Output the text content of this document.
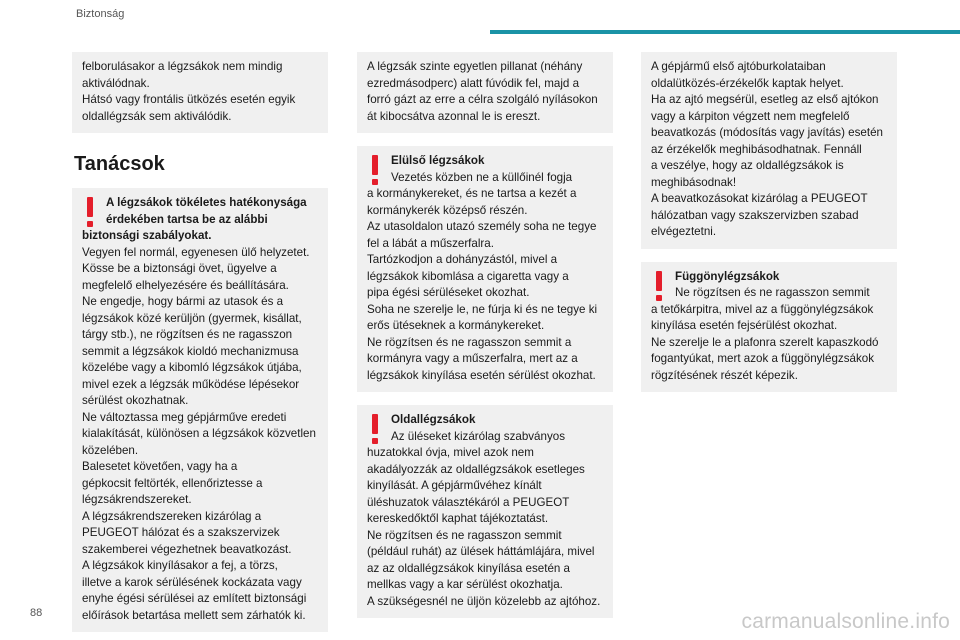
Biztonság

felborulásakor a légzsákok nem mindig

aktiválódnak.

Hátsó vagy frontális ütközés esetén egyik

oldallégzsák sem aktiválódik.

Tanácsok

A légzsákok tökéletes hatékonysága

érdekében tartsa be az alábbi

biztonsági szabályokat.

Vegyen fel normál, egyenesen ülő helyzetet.

Kösse be a biztonsági övet, ügyelve a

megfelelő elhelyezésére és beállítására.

Ne engedje, hogy bármi az utasok és a

légzsákok közé kerüljön (gyermek, kisállat,

tárgy stb.), ne rögzítsen és ne ragasszon

semmit a légzsákok kioldó mechanizmusa

közelébe vagy a kibomló légzsákok útjába,

mivel ezek a légzsák működése lépésekor

sérülést okozhatnak.

Ne változtassa meg gépjárműve eredeti

kialakítását, különösen a légzsákok közvetlen

közelében.

Balesetet követően, vagy ha a

gépkocsit feltörték, ellenőriztesse a

légzsákrendszereket.

A légzsákrendszereken kizárólag a

PEUGEOT hálózat és a szakszervizek

szakemberei végezhetnek beavatkozást.

A légzsákok kinyílásakor a fej, a törzs,

illetve a karok sérülésének kockázata vagy

enyhe égési sérülései az említett biztonsági

előírások betartása mellett sem zárhatók ki.

A légzsák szinte egyetlen pillanat (néhány

ezredmásodperc) alatt fúvódik fel, majd a

forró gázt az erre a célra szolgáló nyílásokon

át kibocsátva azonnal le is ereszt.

Elülső légzsákok

Vezetés közben ne a küllőinél fogja

a kormánykereket, és ne tartsa a kezét a

kormánykerék középső részén.

Az utasoldalon utazó személy soha ne tegye

fel a lábát a műszerfalra.

Tartózkodjon a dohányzástól, mivel a

légzsákok kibomlása a cigaretta vagy a

pipa égési sérüléseket okozhat.

Soha ne szerelje le, ne fúrja ki és ne tegye ki

erős ütéseknek a kormánykereket.

Ne rögzítsen és ne ragasszon semmit a

kormányra vagy a műszerfalra, mert az a

légzsákok kinyílása esetén sérülést okozhat.

Oldallégzsákok

Az üléseket kizárólag szabványos

huzatokkal óvja, mivel azok nem

akadályozzák az oldallégzsákok esetleges

kinyílását. A gépjárművéhez kínált

üléshuzatok választékáról a PEUGEOT

kereskedőktől kaphat tájékoztatást.

Ne rögzítsen és ne ragasszon semmit

(például ruhát) az ülések háttámlájára, mivel

az az oldallégzsákok kinyílása esetén a

mellkas vagy a kar sérülést okozhatja.

A szükségesnél ne üljön közelebb az ajtóhoz.

A gépjármű első ajtóburkolataiban

oldalütközés-érzékelők kaptak helyet.

Ha az ajtó megsérül, esetleg az első ajtókon

vagy a kárpiton végzett nem megfelelő

beavatkozás (módosítás vagy javítás) esetén

az érzékelők meghibásodhatnak. Fennáll

a veszélye, hogy az oldallégzsákok is

meghibásodnak!

A beavatkozásokat kizárólag a PEUGEOT

hálózatban vagy szakszervizben szabad

elvégeztetni.

Függönylégzsákok

Ne rögzítsen és ne ragasszon semmit

a tetőkárpitra, mivel az a függönylégzsákok

kinyílása esetén fejsérülést okozhat.

Ne szerelje le a plafonra szerelt kapaszkodó

fogantyúkat, mert azok a függönylégzsákok

rögzítésének részét képezik.

88	carmanualsonline.info
